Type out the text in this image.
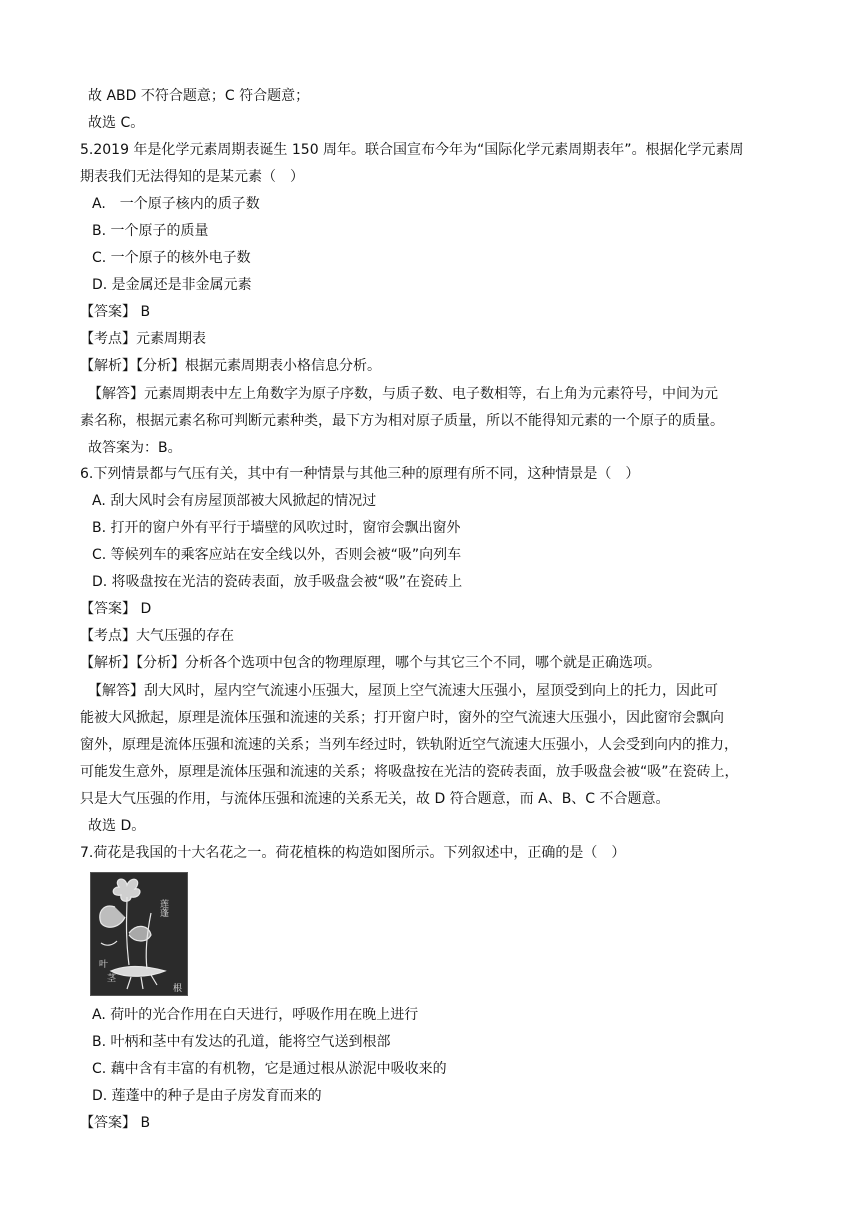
故 ABD 不符合题意；C 符合题意；
故选 C。
5.2019 年是化学元素周期表诞生 150 周年。联合国宣布今年为“国际化学元素周期表年”。根据化学元素周
期表我们无法得知的是某元素（　）
A.　一个原子核内的质子数
B. 一个原子的质量
C. 一个原子的核外电子数
D. 是金属还是非金属元素
【答案】 B
【考点】元素周期表
【解析】【分析】根据元素周期表小格信息分析。
【解答】元素周期表中左上角数字为原子序数，与质子数、电子数相等，右上角为元素符号，中间为元
素名称，根据元素名称可判断元素种类，最下方为相对原子质量，所以不能得知元素的一个原子的质量。
故答案为：B。
6.下列情景都与气压有关，其中有一种情景与其他三种的原理有所不同，这种情景是（　）
A. 刮大风时会有房屋顶部被大风掀起的情况过
B. 打开的窗户外有平行于墙壁的风吹过时，窗帘会飘出窗外
C. 等候列车的乘客应站在安全线以外，否则会被“吸”向列车
D. 将吸盘按在光洁的瓷砖表面，放手吸盘会被“吸”在瓷砖上
【答案】 D
【考点】大气压强的存在
【解析】【分析】分析各个选项中包含的物理原理，哪个与其它三个不同，哪个就是正确选项。
【解答】刮大风时，屋内空气流速小压强大，屋顶上空气流速大压强小，屋顶受到向上的托力，因此可
能被大风掀起，原理是流体压强和流速的关系；打开窗户时，窗外的空气流速大压强小，因此窗帘会飘向
窗外，原理是流体压强和流速的关系；当列车经过时，铁轨附近空气流速大压强小，人会受到向内的推力，
可能发生意外，原理是流体压强和流速的关系；将吸盘按在光洁的瓷砖表面，放手吸盘会被“吸”在瓷砖上，
只是大气压强的作用，与流体压强和流速的关系无关，故 D 符合题意，而 A、B、C 不合题意。
故选 D。
7.荷花是我国的十大名花之一。荷花植株的构造如图所示。下列叙述中，正确的是（　）
莲蓬
叶
茎
根
A. 荷叶的光合作用在白天进行，呼吸作用在晚上进行
B. 叶柄和茎中有发达的孔道，能将空气送到根部
C. 藕中含有丰富的有机物，它是通过根从淤泥中吸收来的
D. 莲蓬中的种子是由子房发育而来的
【答案】 B
